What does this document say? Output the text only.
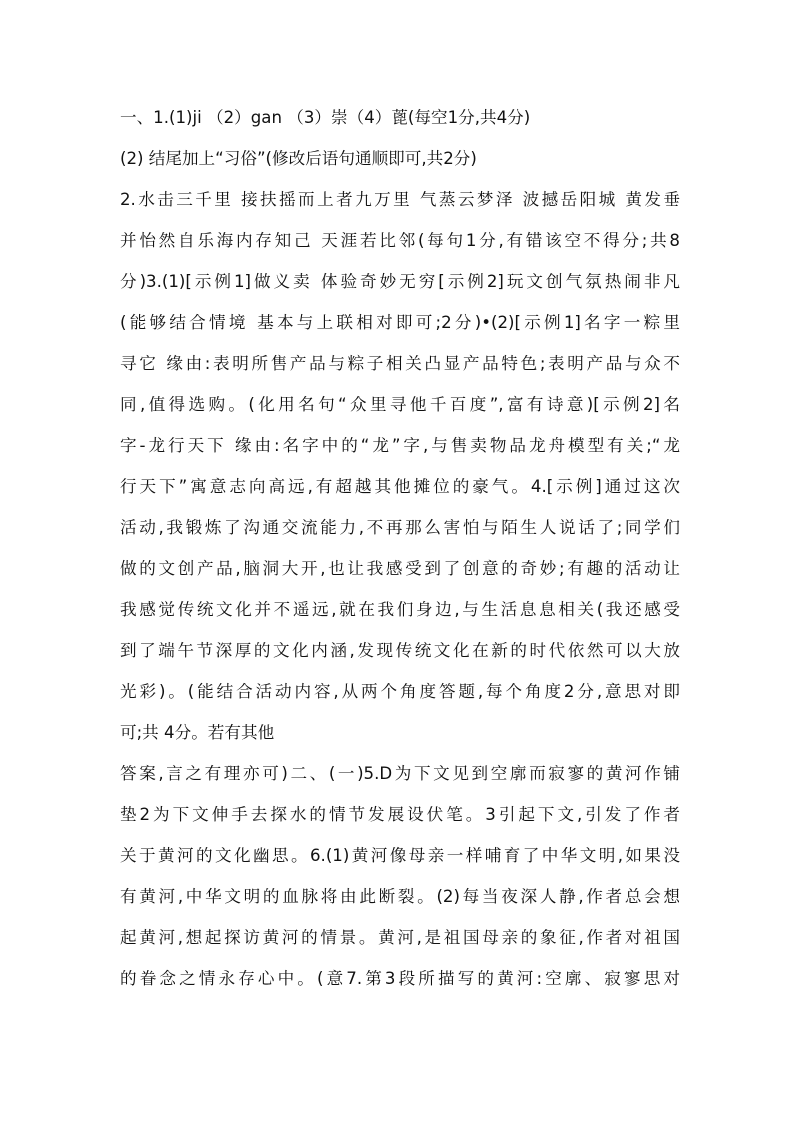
一、1.(1)ji （2）gan （3）崇（4）蓖(每空1分,共4分)
(2) 结尾加上“习俗”(修改后语句通顺即可,共2分)
2.水击三千里 接扶摇而上者九万里 气蒸云梦泽 波撼岳阳城 黄发垂
并怡然自乐海内存知己 天涯若比邻(每句1分,有错该空不得分;共8
分)3.(1)[示例1]做义卖 体验奇妙无穷[示例2]玩文创气氛热闹非凡
(能够结合情境 基本与上联相对即可;2分)•(2)[示例1]名字一粽里
寻它 缘由:表明所售产品与粽子相关凸显产品特色;表明产品与众不
同,值得选购。(化用名句“众里寻他千百度”,富有诗意)[示例2]名
字-龙行天下 缘由:名字中的“龙”字,与售卖物品龙舟模型有关;“龙
行天下”寓意志向高远,有超越其他摊位的豪气。4.[示例]通过这次
活动,我锻炼了沟通交流能力,不再那么害怕与陌生人说话了;同学们
做的文创产品,脑洞大开,也让我感受到了创意的奇妙;有趣的活动让
我感觉传统文化并不遥远,就在我们身边,与生活息息相关(我还感受
到了端午节深厚的文化内涵,发现传统文化在新的时代依然可以大放
光彩)。(能结合活动内容,从两个角度答题,每个角度2分,意思对即
可;共 4分。若有其他
答案,言之有理亦可)二、(一)5.D为下文见到空廓而寂寥的黄河作铺
垫2为下文伸手去探水的情节发展设伏笔。3引起下文,引发了作者
关于黄河的文化幽思。6.(1)黄河像母亲一样哺育了中华文明,如果没
有黄河,中华文明的血脉将由此断裂。(2)每当夜深人静,作者总会想
起黄河,想起探访黄河的情景。黄河,是祖国母亲的象征,作者对祖国
的眷念之情永存心中。(意7.第3段所描写的黄河:空廓、寂寥思对
